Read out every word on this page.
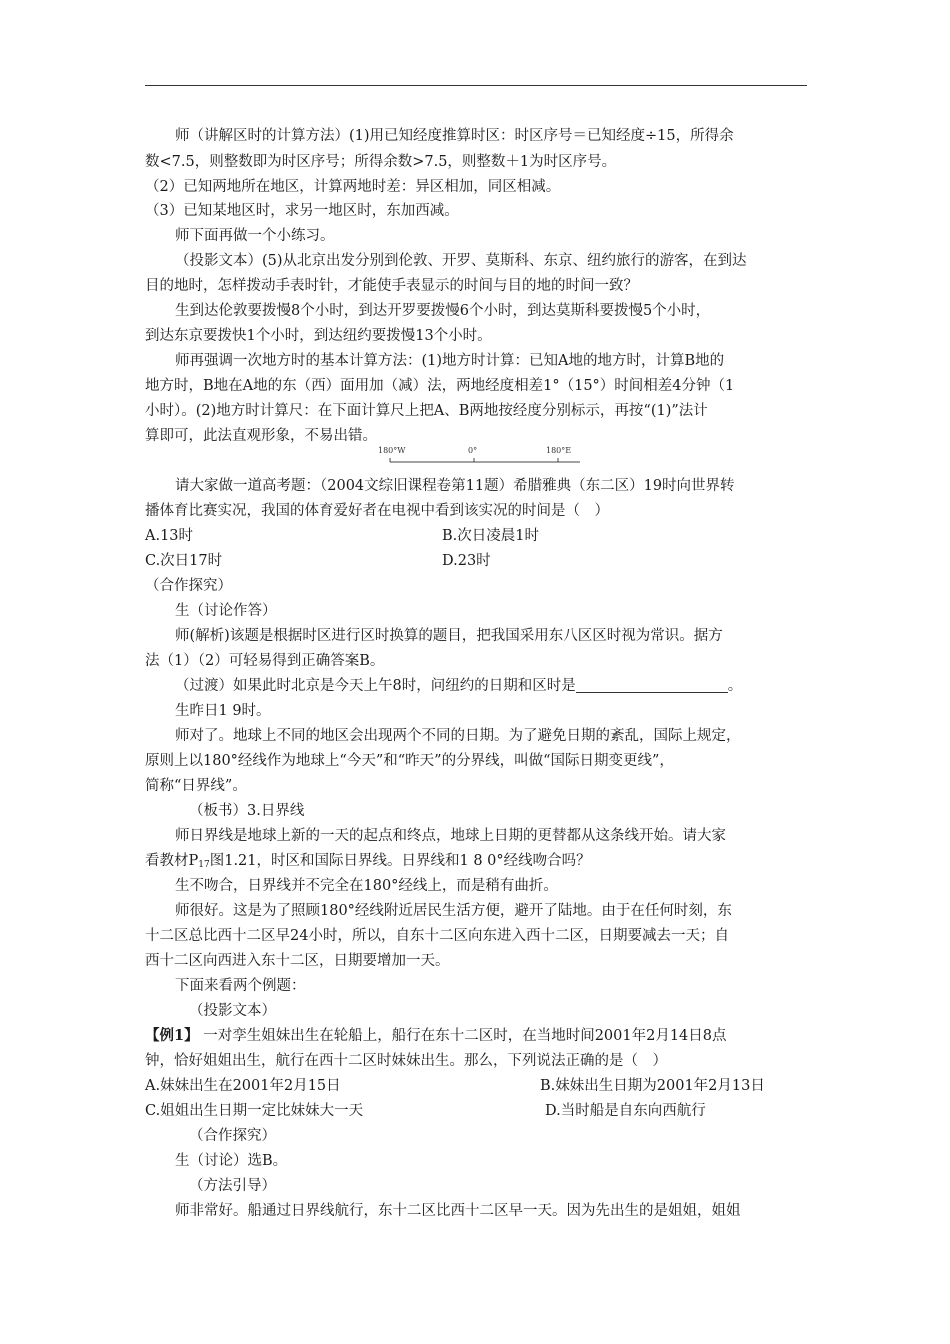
师（讲解区时的计算方法）(1)用已知经度推算时区：时区序号＝已知经度÷15，所得余
数<7.5，则整数即为时区序号；所得余数>7.5，则整数＋1为时区序号。
（2）已知两地所在地区，计算两地时差：异区相加，同区相减。
（3）已知某地区时，求另一地区时，东加西减。
师下面再做一个小练习。
（投影文本）(5)从北京出发分别到伦敦、开罗、莫斯科、东京、纽约旅行的游客，在到达
目的地时，怎样拨动手表时针，才能使手表显示的时间与目的地的时间一致？
生到达伦敦要拨慢8个小时，到达开罗要拨慢6个小时，到达莫斯科要拨慢5个小时，
到达东京要拨快1个小时，到达纽约要拨慢13个小时。
师再强调一次地方时的基本计算方法：(1)地方时计算：已知A地的地方时，计算B地的
地方时，B地在A地的东（西）面用加（减）法，两地经度相差1°（15°）时间相差4分钟（1
小时）。(2)地方时计算尺：在下面计算尺上把A、B两地按经度分别标示，再按“(1)”法计
算即可，此法直观形象，不易出错。
180°W	0°	180°E
请大家做一道高考题：（2004文综旧课程卷第11题）希腊雅典（东二区）19时向世界转
播体育比赛实况，我国的体育爱好者在电视中看到该实况的时间是（　）
A.13时	B.次日凌晨1时
C.次日17时	D.23时
（合作探究）
生（讨论作答）
师(解析)该题是根据时区进行区时换算的题目，把我国采用东八区区时视为常识。据方
法（1）（2）可轻易得到正确答案B。
（过渡）如果此时北京是今天上午8时，问纽约的日期和区时是	。
生昨日1 9时。
师对了。地球上不同的地区会出现两个不同的日期。为了避免日期的紊乱，国际上规定，
原则上以180°经线作为地球上“今天”和“昨天”的分界线，叫做“国际日期变更线”，
简称“日界线”。
（板书）3.日界线
师日界线是地球上新的一天的起点和终点，地球上日期的更替都从这条线开始。请大家
看教材$P_{17}$图1.21，时区和国际日界线。日界线和1 8 0°经线吻合吗？
生不吻合，日界线并不完全在180°经线上，而是稍有曲折。
师很好。这是为了照顾180°经线附近居民生活方便，避开了陆地。由于在任何时刻，东
十二区总比西十二区早24小时，所以，自东十二区向东进入西十二区，日期要减去一天；自
西十二区向西进入东十二区，日期要增加一天。
下面来看两个例题：
（投影文本）
【例1】 一对孪生姐妹出生在轮船上，船行在东十二区时，在当地时间2001年2月14日8点
钟，恰好姐姐出生，航行在西十二区时妹妹出生。那么，下列说法正确的是（　）
A.妹妹出生在2001年2月15日	B.妹妹出生日期为2001年2月13日
C.姐姐出生日期一定比妹妹大一天	D.当时船是自东向西航行
（合作探究）
生（讨论）选B。
（方法引导）
师非常好。船通过日界线航行，东十二区比西十二区早一天。因为先出生的是姐姐，姐姐
